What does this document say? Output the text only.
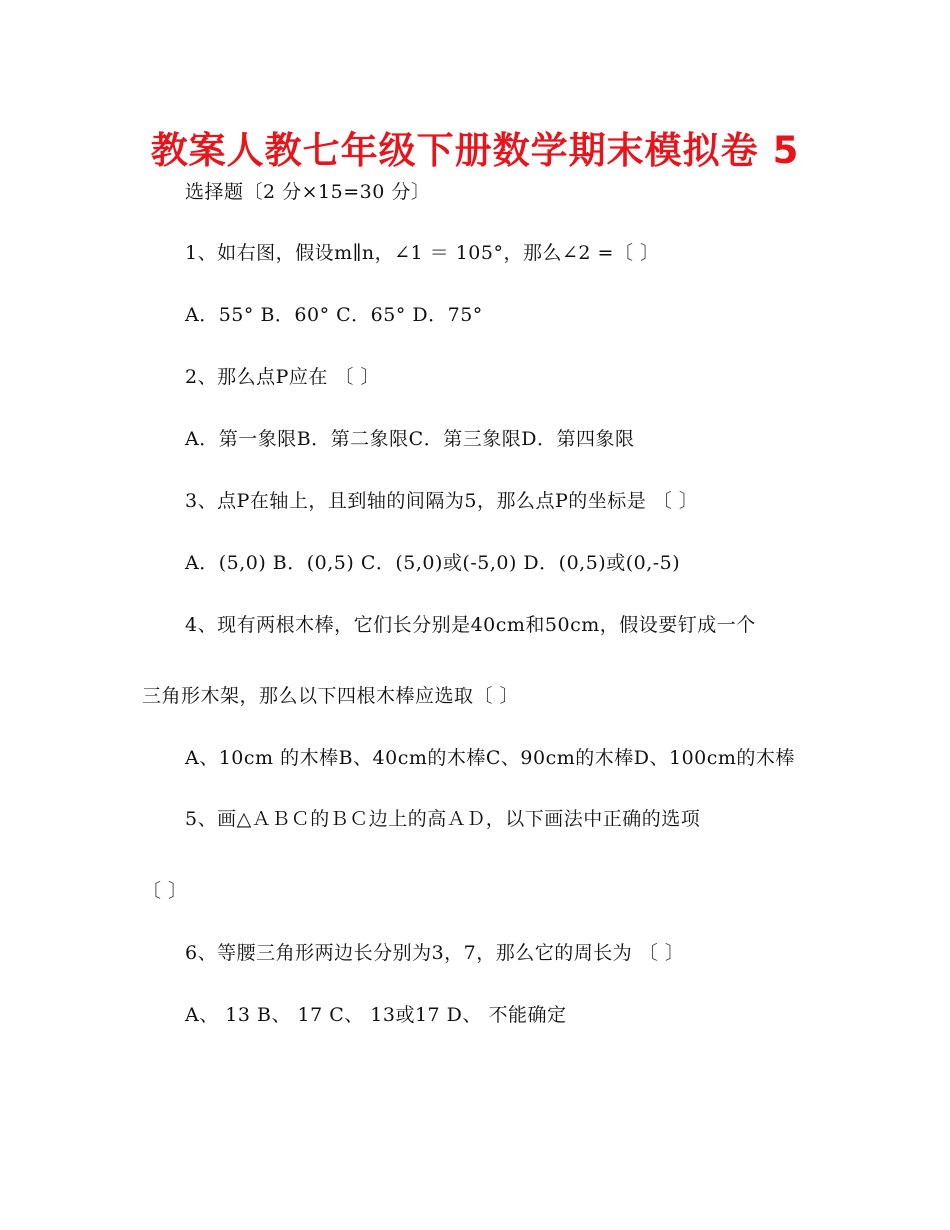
教案人教七年级下册数学期末模拟卷 5
选择题〔2 分×15=30 分〕
1、如右图，假设m∥n，∠1 ＝ 105°，那么∠2 =〔 〕
A．55° B．60° C．65° D．75°
2、那么点P应在 〔 〕
A．第一象限B．第二象限C．第三象限D．第四象限
3、点P在轴上，且到轴的间隔为5，那么点P的坐标是 〔 〕
A．(5,0) B．(0,5) C．(5,0)或(-5,0) D．(0,5)或(0,-5)
4、现有两根木棒，它们长分别是40cm和50cm，假设要钉成一个
三角形木架，那么以下四根木棒应选取〔 〕
A、10cm 的木棒B、40cm的木棒C、90cm的木棒D、100cm的木棒
5、画△ＡＢＣ的ＢＣ边上的高ＡＤ，以下画法中正确的选项
〔 〕
6、等腰三角形两边长分别为3，7，那么它的周长为 〔 〕
A、 13 B、 17 C、 13或17 D、 不能确定
